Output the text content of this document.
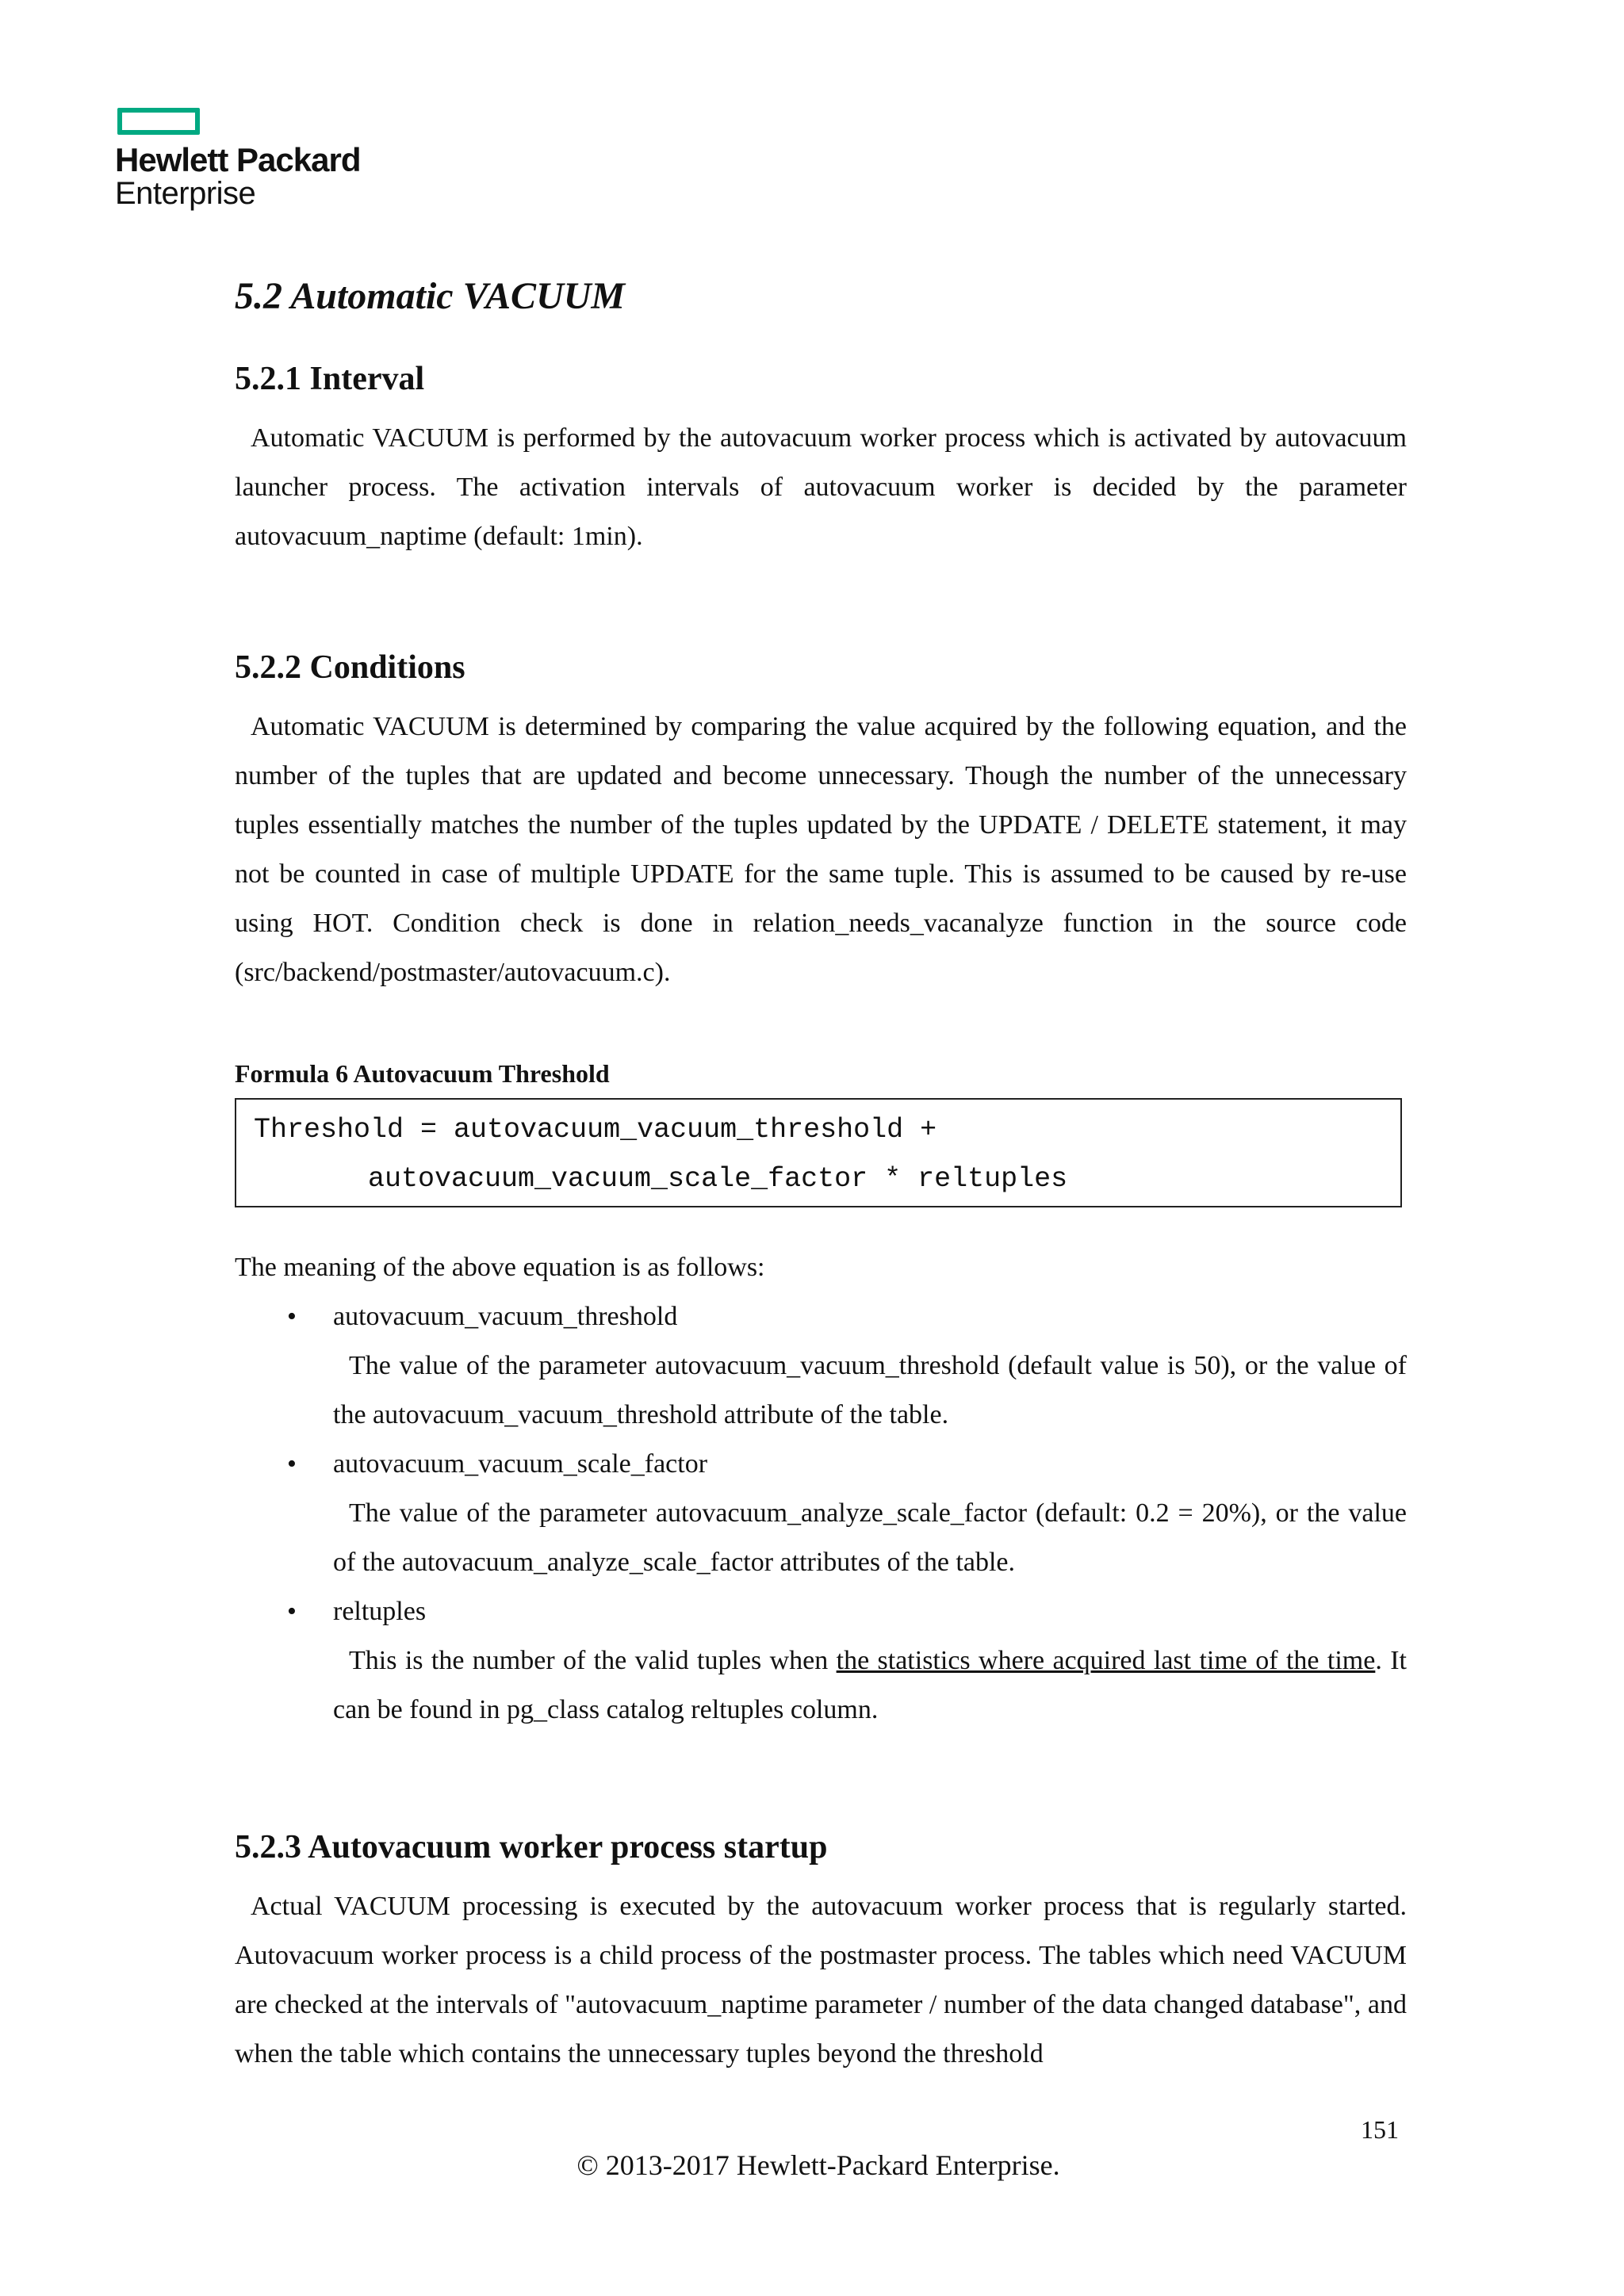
Hewlett Packard
Enterprise
5.2 Automatic VACUUM
5.2.1 Interval
Automatic VACUUM is performed by the autovacuum worker process which is activated by autovacuum launcher process. The activation intervals of autovacuum worker is decided by the parameter autovacuum_naptime (default: 1min).
5.2.2 Conditions
Automatic VACUUM is determined by comparing the value acquired by the following equation, and the number of the tuples that are updated and become unnecessary. Though the number of the unnecessary tuples essentially matches the number of the tuples updated by the UPDATE / DELETE statement, it may not be counted in case of multiple UPDATE for the same tuple. This is assumed to be caused by re-use using HOT. Condition check is done in relation_needs_vacanalyze function in the source code (src/backend/postmaster/autovacuum.c).
Formula 6 Autovacuum Threshold
Threshold = autovacuum_vacuum_threshold +
autovacuum_vacuum_scale_factor * reltuples
The meaning of the above equation is as follows:
• autovacuum_vacuum_threshold
The value of the parameter autovacuum_vacuum_threshold (default value is 50), or the value of the autovacuum_vacuum_threshold attribute of the table.
• autovacuum_vacuum_scale_factor
The value of the parameter autovacuum_analyze_scale_factor (default: 0.2 = 20%), or the value of the autovacuum_analyze_scale_factor attributes of the table.
• reltuples
This is the number of the valid tuples when the statistics where acquired last time of the time. It can be found in pg_class catalog reltuples column.
5.2.3 Autovacuum worker process startup
Actual VACUUM processing is executed by the autovacuum worker process that is regularly started. Autovacuum worker process is a child process of the postmaster process. The tables which need VACUUM are checked at the intervals of "autovacuum_naptime parameter / number of the data changed database", and when the table which contains the unnecessary tuples beyond the threshold
151
© 2013-2017 Hewlett-Packard Enterprise.
